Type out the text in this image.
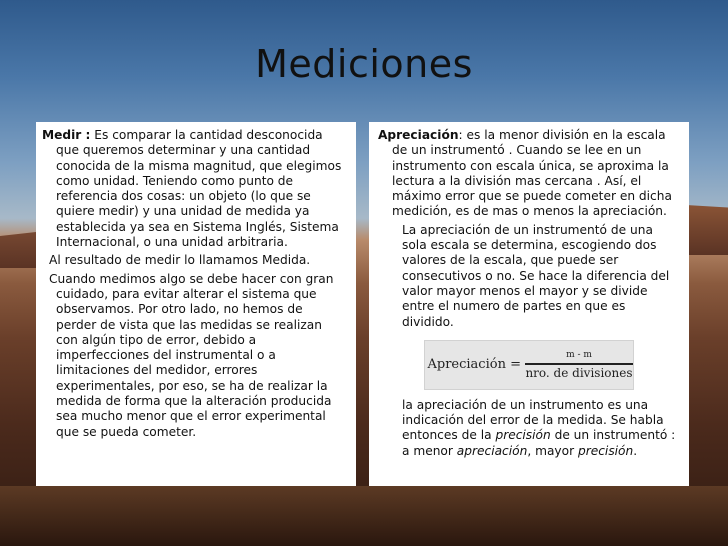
Mediciones

Medir : Es comparar la cantidad desconocida que queremos determinar y una cantidad conocida de la misma magnitud, que elegimos como unidad. Teniendo como punto de referencia dos cosas: un objeto (lo que se quiere medir) y una unidad de medida ya establecida ya sea en Sistema Inglés, Sistema Internacional, o una unidad arbitraria.

Al resultado de medir lo llamamos Medida.

Cuando medimos algo se debe hacer con gran cuidado, para evitar alterar el sistema que observamos. Por otro lado, no hemos de perder de vista que las medidas se realizan con algún tipo de error, debido a imperfecciones del instrumental o a limitaciones del medidor, errores experimentales, por eso, se ha de realizar la medida de forma que la alteración producida sea mucho menor que el error experimental que se pueda cometer.

Apreciación: es la menor división en la escala de un instrumentó . Cuando se lee en un instrumento con escala única, se aproxima la lectura a la división mas cercana . Así, el máximo error que se puede cometer en dicha medición, es de mas o menos la apreciación.

La apreciación de un instrumentó de una sola escala se determina, escogiendo dos valores de la escala, que puede ser consecutivos o no. Se hace la diferencia del valor mayor menos el mayor y se divide entre el numero de partes en que es dividido.

Apreciación = $\frac{m - m}{\text{nro. de divisiones}}$

la apreciación de un instrumento es una indicación del error de la medida. Se habla entonces de la precisión de un instrumentó : a menor apreciación, mayor precisión.
